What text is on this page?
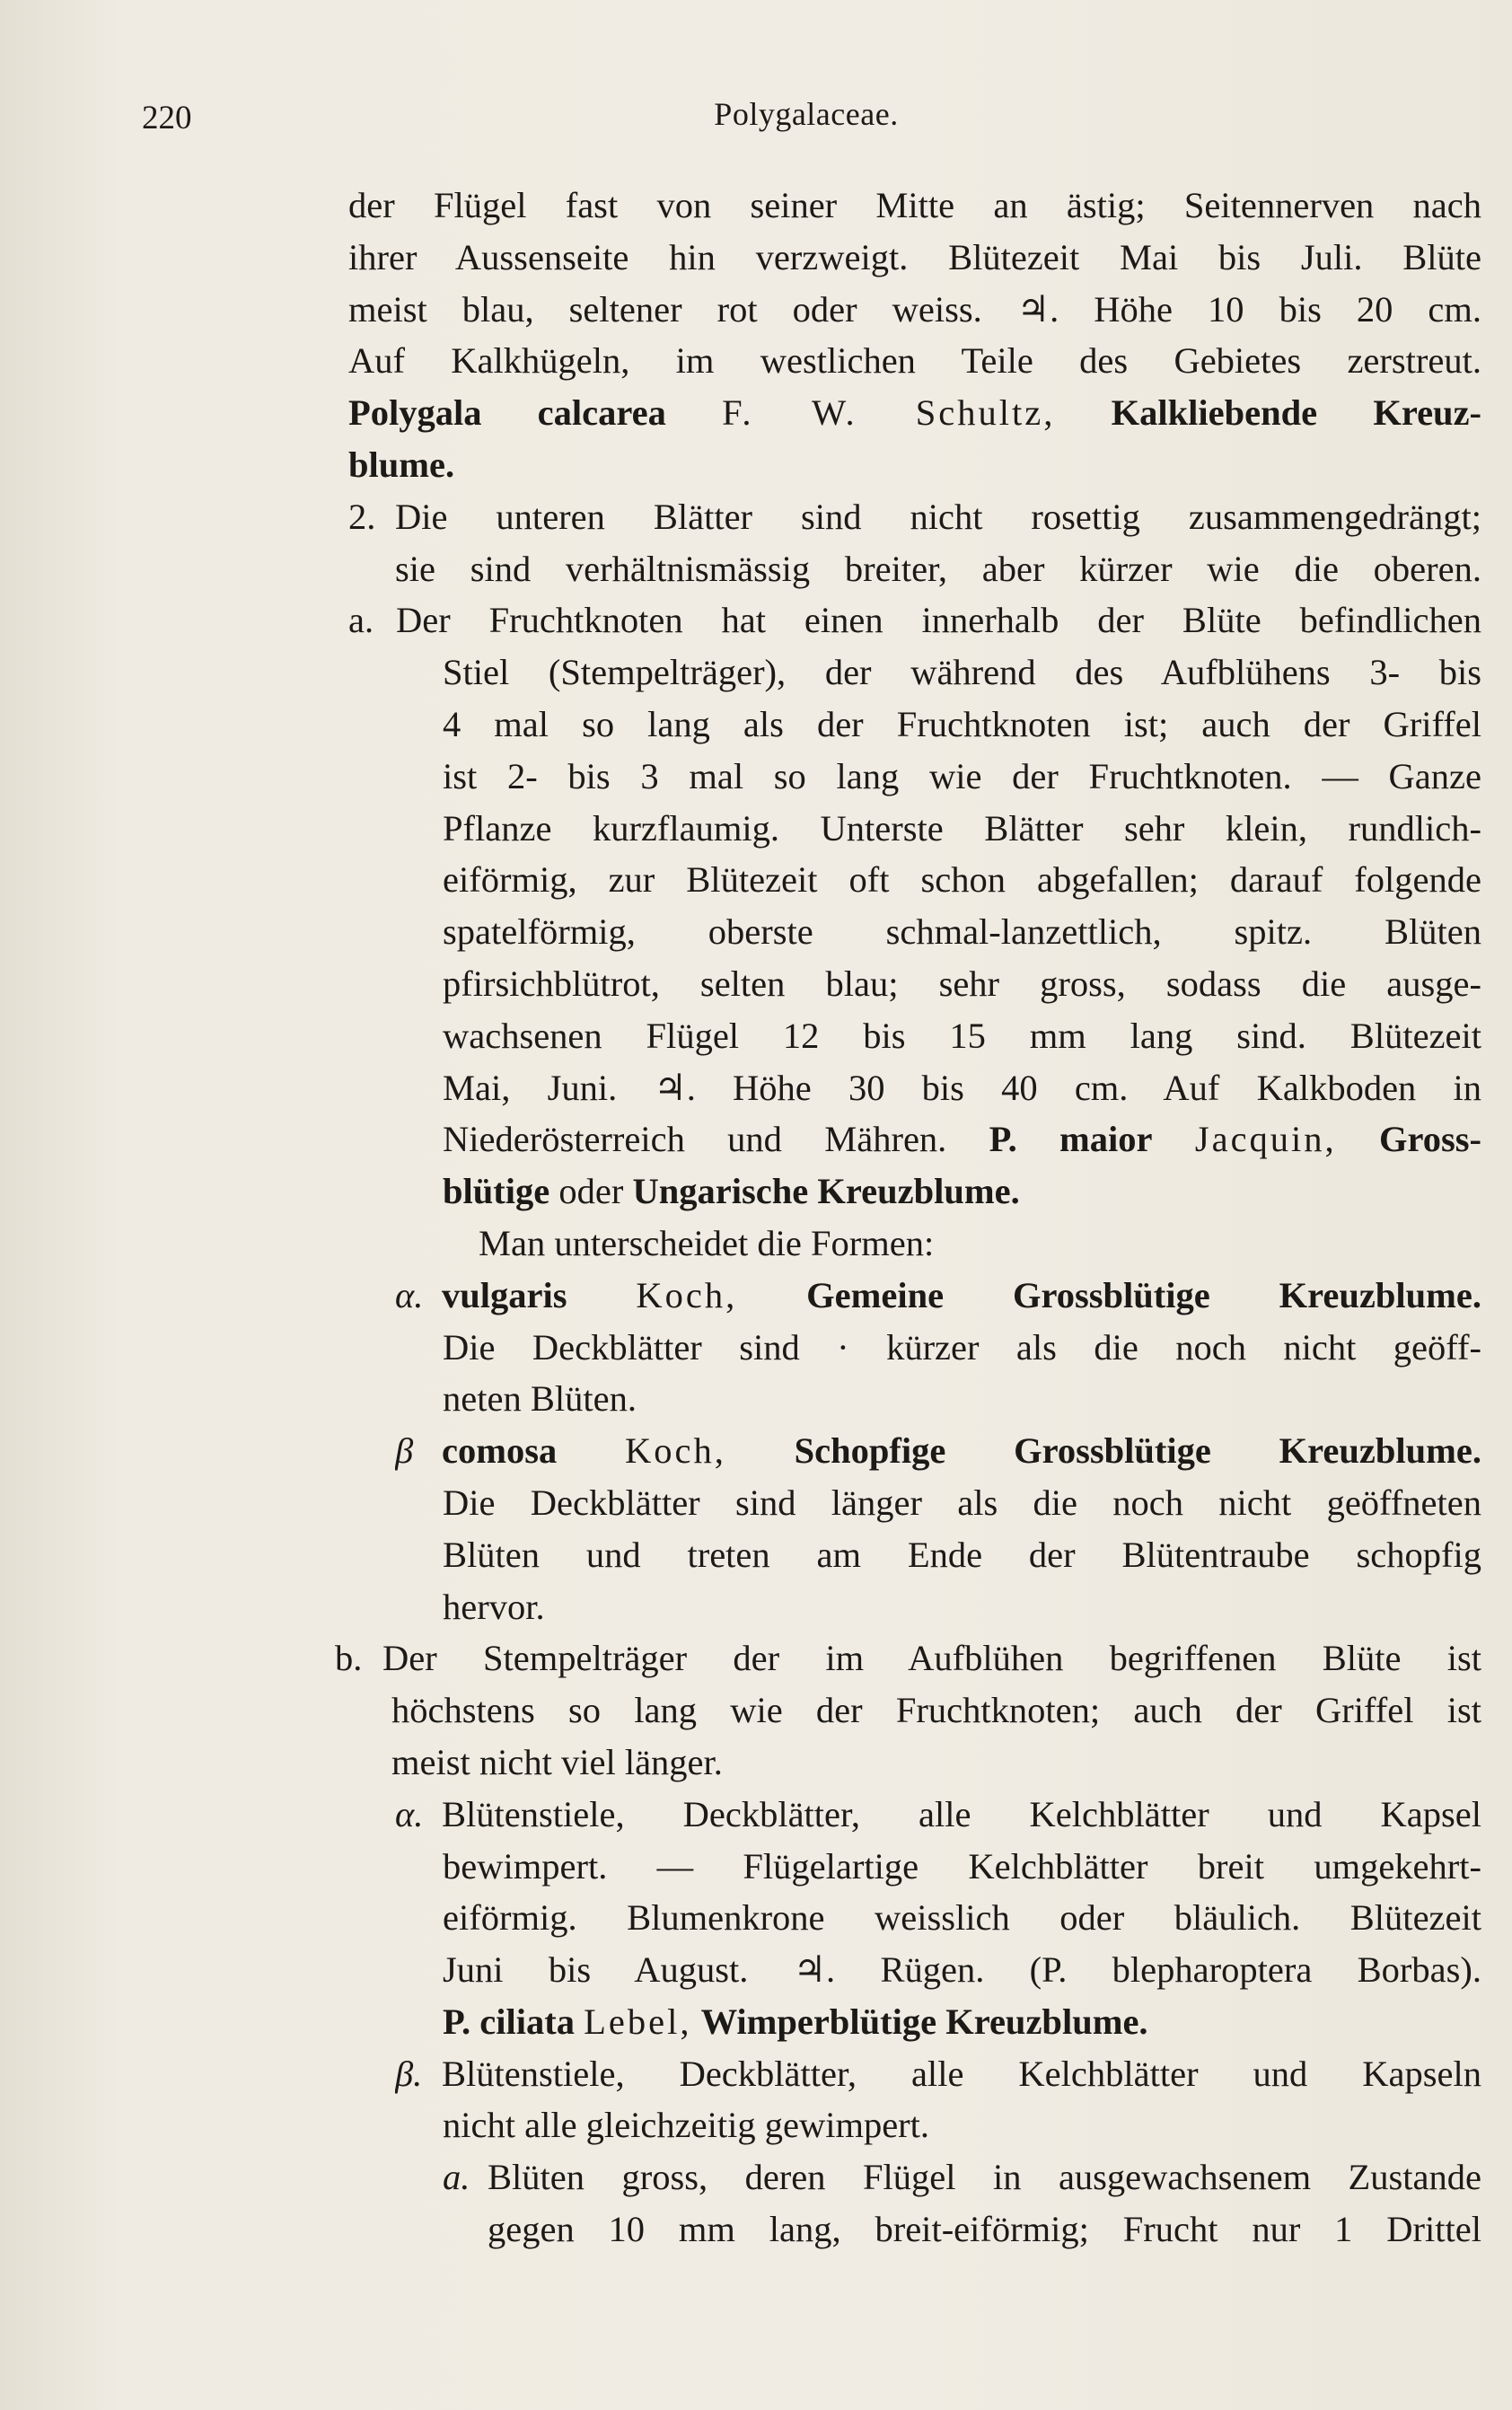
220	Polygalaceae.
der Flügel fast von seiner Mitte an ästig; Seitennerven nach
ihrer Aussenseite hin verzweigt. Blütezeit Mai bis Juli. Blüte
meist blau, seltener rot oder weiss. ♃. Höhe 10 bis 20 cm.
Auf Kalkhügeln, im westlichen Teile des Gebietes zerstreut.
Polygala calcarea F. W. Schultz, Kalkliebende Kreuz-
blume.
2. Die unteren Blätter sind nicht rosettig zusammengedrängt;
sie sind verhältnismässig breiter, aber kürzer wie die oberen.
a. Der Fruchtknoten hat einen innerhalb der Blüte befindlichen
Stiel (Stempelträger), der während des Aufblühens 3- bis
4 mal so lang als der Fruchtknoten ist; auch der Griffel
ist 2- bis 3 mal so lang wie der Fruchtknoten. — Ganze
Pflanze kurzflaumig. Unterste Blätter sehr klein, rundlich-
eiförmig, zur Blütezeit oft schon abgefallen; darauf folgende
spatelförmig, oberste schmal-lanzettlich, spitz. Blüten
pfirsichblütrot, selten blau; sehr gross, sodass die ausge-
wachsenen Flügel 12 bis 15 mm lang sind. Blütezeit
Mai, Juni. ♃. Höhe 30 bis 40 cm. Auf Kalkboden in
Niederösterreich und Mähren. P. maior Jacquin, Gross-
blütige oder Ungarische Kreuzblume.
Man unterscheidet die Formen:
α. vulgaris Koch, Gemeine Grossblütige Kreuzblume.
Die Deckblätter sind · kürzer als die noch nicht geöff-
neten Blüten.
β comosa Koch, Schopfige Grossblütige Kreuzblume.
Die Deckblätter sind länger als die noch nicht geöffneten
Blüten und treten am Ende der Blütentraube schopfig
hervor.
b. Der Stempelträger der im Aufblühen begriffenen Blüte ist
höchstens so lang wie der Fruchtknoten; auch der Griffel ist
meist nicht viel länger.
α. Blütenstiele, Deckblätter, alle Kelchblätter und Kapsel
bewimpert. — Flügelartige Kelchblätter breit umgekehrt-
eiförmig. Blumenkrone weisslich oder bläulich. Blütezeit
Juni bis August. ♃. Rügen. (P. blepharoptera Borbas).
P. ciliata Lebel, Wimperblütige Kreuzblume.
β. Blütenstiele, Deckblätter, alle Kelchblätter und Kapseln
nicht alle gleichzeitig gewimpert.
a. Blüten gross, deren Flügel in ausgewachsenem Zustande
gegen 10 mm lang, breit-eiförmig; Frucht nur 1 Drittel
